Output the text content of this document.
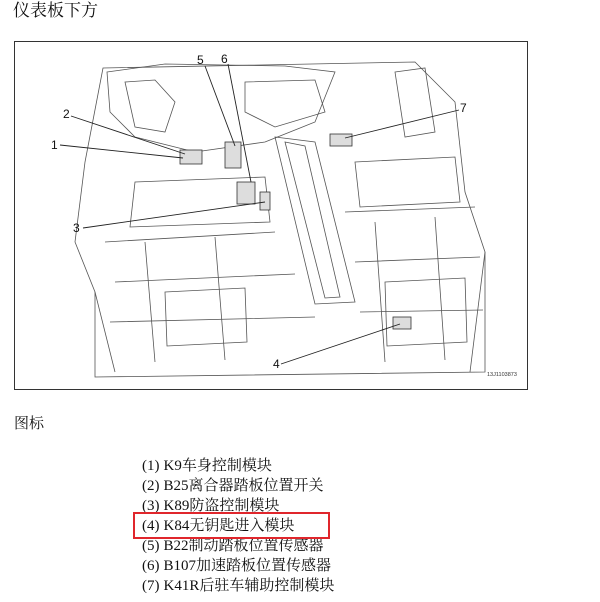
仪表板下方
1
2
3
4
5 6
7
13J1103873
图标
(1) K9车身控制模块
(2) B25离合器踏板位置开关
(3) K89防盗控制模块
(4) K84无钥匙进入模块
(5) B22制动踏板位置传感器
(6) B107加速踏板位置传感器
(7) K41R后驻车辅助控制模块
